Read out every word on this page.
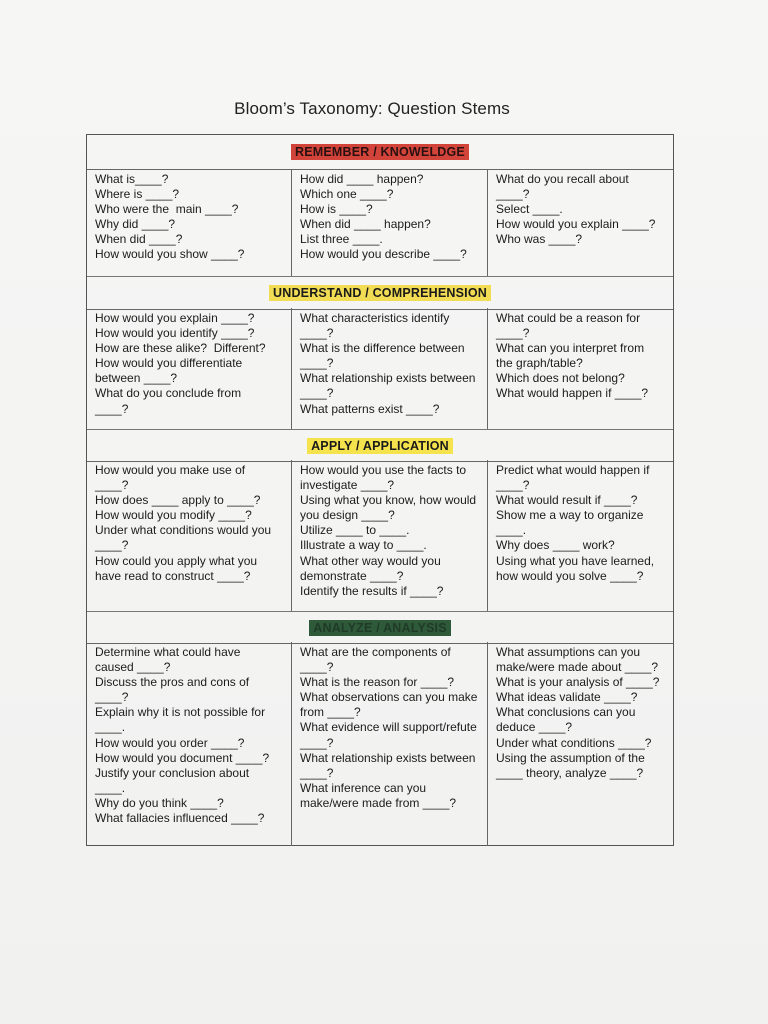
Bloom’s Taxonomy: Question Stems
REMEMBER / KNOWELDGE
What is____?
Where is ____?
Who were the  main ____?
Why did ____?
When did ____?
How would you show ____?
How did ____ happen?
Which one ____?
How is ____?
When did ____ happen?
List three ____.
How would you describe ____?
What do you recall about
____?
Select ____.
How would you explain ____?
Who was ____?
UNDERSTAND / COMPREHENSION
How would you explain ____?
How would you identify ____?
How are these alike?  Different?
How would you differentiate
between ____?
What do you conclude from
____?
What characteristics identify
____?
What is the difference between
____?
What relationship exists between
____?
What patterns exist ____?
What could be a reason for
____?
What can you interpret from
the graph/table?
Which does not belong?
What would happen if ____?
APPLY / APPLICATION
How would you make use of
____?
How does ____ apply to ____?
How would you modify ____?
Under what conditions would you
____?
How could you apply what you
have read to construct ____?
How would you use the facts to
investigate ____?
Using what you know, how would
you design ____?
Utilize ____ to ____.
Illustrate a way to ____.
What other way would you
demonstrate ____?
Identify the results if ____?
Predict what would happen if
____?
What would result if ____?
Show me a way to organize
____.
Why does ____ work?
Using what you have learned,
how would you solve ____?
ANALYZE / ANALYSIS
Determine what could have
caused ____?
Discuss the pros and cons of
____?
Explain why it is not possible for
____.
How would you order ____?
How would you document ____?
Justify your conclusion about
____.
Why do you think ____?
What fallacies influenced ____?
What are the components of
____?
What is the reason for ____?
What observations can you make
from ____?
What evidence will support/refute
____?
What relationship exists between
____?
What inference can you
make/were made from ____?
What assumptions can you
make/were made about ____?
What is your analysis of ____?
What ideas validate ____?
What conclusions can you
deduce ____?
Under what conditions ____?
Using the assumption of the
____ theory, analyze ____?
